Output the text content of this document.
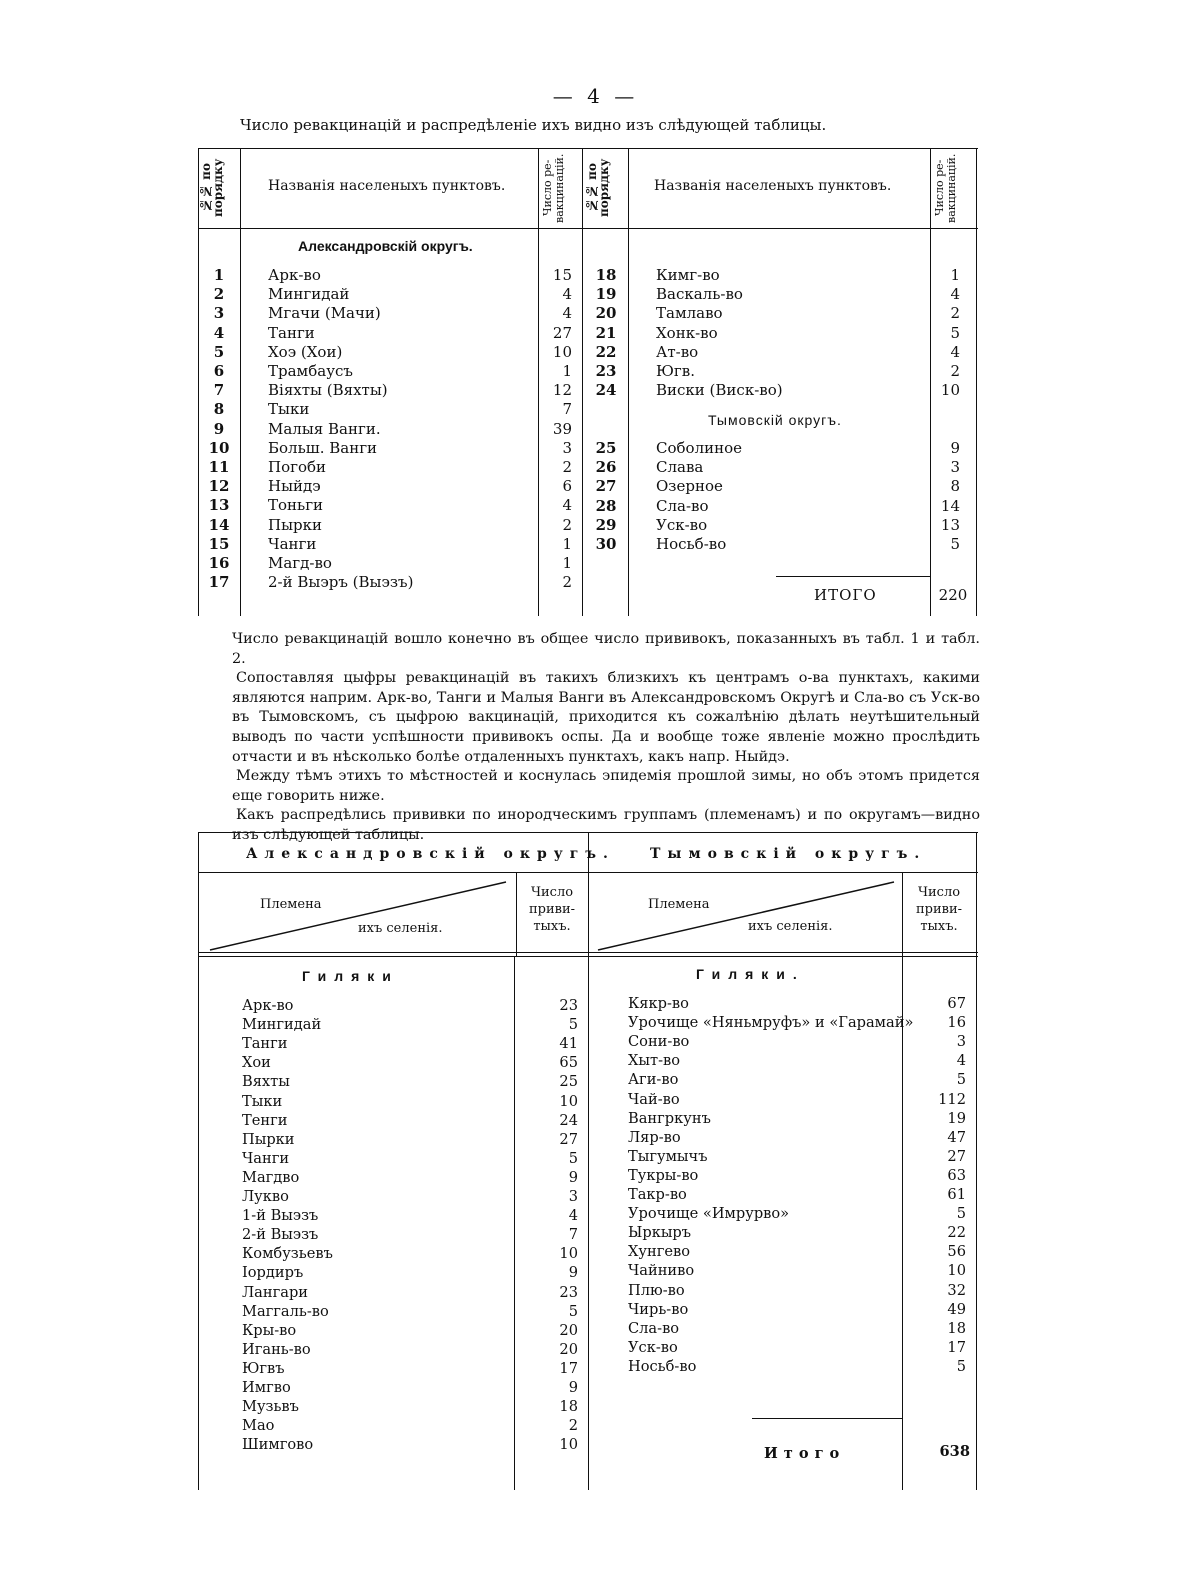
— 4 —
Число ревакцинацій и распредѣленіе ихъ видно изъ слѣдующей таблицы.
№№ по порядку	Названія населеныхъ пунктовъ.	Число ре-вакцинацій.	№№ по порядку	Названія населеныхъ пунктовъ.	Число ре-вакцинацій.
Александровскій округъ.
Тымовскій округъ.
1	Арк-во	15
2	Мингидай	4
3	Мгачи (Мачи)	4
4	Танги	27
5	Хоэ (Хои)	10
6	Трамбаусъ	1
7	Віяхты (Вяхты)	12
8	Тыки	7
9	Малыя Ванги.	39
10	Больш. Ванги	3
11	Погоби	2
12	Ныйдэ	6
13	Тоньги	4
14	Пырки	2
15	Чанги	1
16	Магд-во	1
17	2-й Выэръ (Выэзъ)	2
18	Кимг-во	1
19	Васкаль-во	4
20	Тамлаво	2
21	Хонк-во	5
22	Ат-во	4
23	Югв.	2
24	Виски (Виск-во)	10
25	Соболиное	9
26	Слава	3
27	Озерное	8
28	Сла-во	14
29	Уск-во	13
30	Носьб-во	5
ИТОГО	220

Число ревакцинацій вошло конечно въ общее число прививокъ, показанныхъ въ табл. 1 и табл. 2.

Сопоставляя цыфры ревакцинацій въ такихъ близкихъ къ центрамъ о-ва пунктахъ, какими являются наприм. Арк-во, Танги и Малыя Ванги въ Александровскомъ Округѣ и Сла-во съ Уск-во въ Тымовскомъ, съ цыфрою вакцинацій, приходится къ сожалѣнію дѣлать неутѣшительный выводъ по части успѣшности прививокъ оспы. Да и вообще тоже явленіе можно прослѣдить отчасти и въ нѣсколько болѣе отдаленныхъ пунктахъ, какъ напр. Ныйдэ.

Между тѣмъ этихъ то мѣстностей и коснулась эпидемія прошлой зимы, но объ этомъ придется еще говорить ниже.

Какъ распредѣлись прививки по инородческимъ группамъ (племенамъ) и по округамъ—видно изъ слѣдующей таблицы.

Александровскій округъ.	Тымовскій округъ.
Племена
ихъ селенія.
Число приви-тыхъ.
Племена
ихъ селенія.
Число приви-тыхъ.
Гиляки	Гиляки.
Арк-во	23
Мингидай	5
Танги	41
Хои	65
Вяхты	25
Тыки	10
Тенги	24
Пырки	27
Чанги	5
Магдво	9
Лукво	3
1-й Выэзъ	4
2-й Выэзъ	7
Комбузьевъ	10
Іордиръ	9
Лангари	23
Маггаль-во	5
Кры-во	20
Игань-во	20
Югвъ	17
Имгво	9
Музьвъ	18
Мао	2
Шимгово	10
Кякр-во	67
Урочище «Няньмруфъ» и «Гарамай»	16
Сони-во	3
Хыт-во	4
Аги-во	5
Чай-во	112
Вангркунъ	19
Ляр-во	47
Тыгумычъ	27
Тукры-во	63
Такр-во	61
Урочище «Имрурво»	5
Ыркыръ	22
Хунгево	56
Чайниво	10
Плю-во	32
Чирь-во	49
Сла-во	18
Уск-во	17
Носьб-во	5
Итого	638
